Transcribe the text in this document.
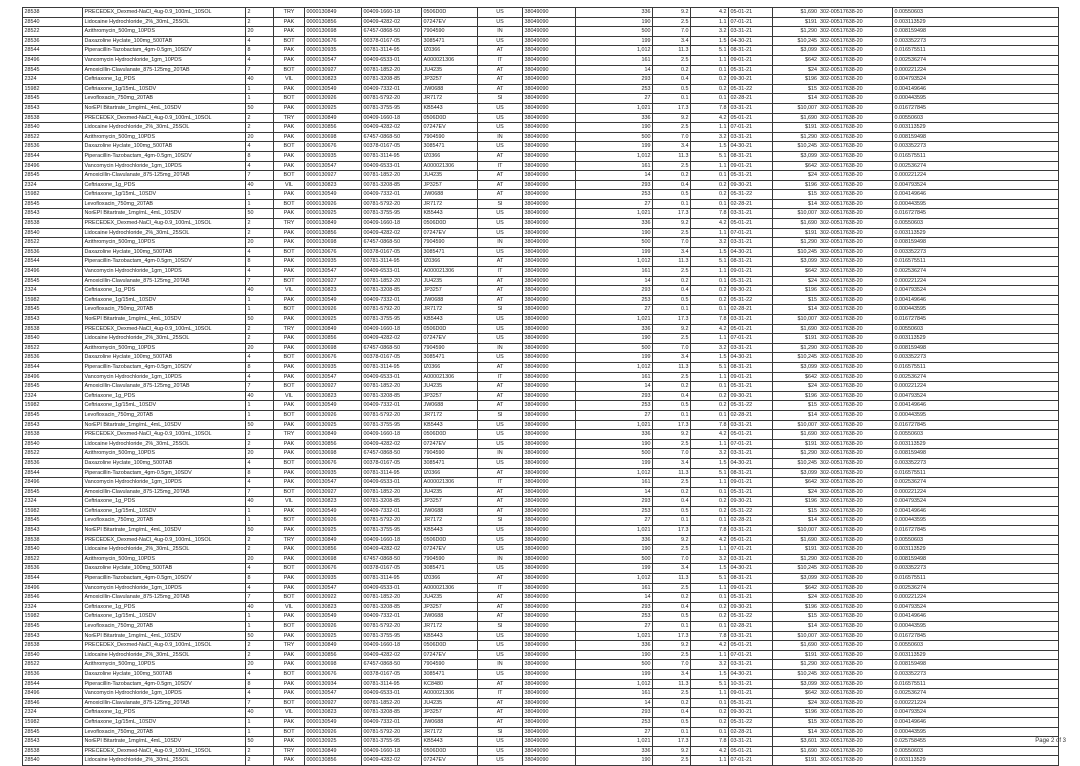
28538	PRECEDEX_Dexmed-NaCl_4ug-0.9_100mL_10SOL	2	TRY	0000130849	00409-1660-18	0506D0D	US	38049090	336	9.2	4.2	05-01-21	$1,690	302-00517638-20	0.00550603
28540	Lidocaine Hydrochloride_2%_30mL_25SOL	2	PAK	0000130856	00409-4282-02	07247EV	US	38049090	190	2.5	1.1	07-01-21	$191	302-00517638-20	0.003113529
28522	Azithromycin_500mg_10PDS	20	PAK	0000130698	67457-0868-50	7904590	IN	38049090	500	7.0	3.2	03-31-21	$1,290	302-00517638-20	0.008159498
28536	Daxazoline Hyclate_100mg_500TAB	4	BOT	0000130676	00378-0167-05	3085471	US	38049090	199	3.4	1.5	04-30-21	$10,245	302-00517638-20	0.003352273
28544	Piperacillin-Tazobactam_4gm-0.5gm_10SDV	8	PAK	0000130935	00781-3114-95	IZ0366	AT	38049090	1,012	11.3	5.1	08-31-21	$3,099	302-00517638-20	0.016575511
28496	Vancomycin Hydrochloride_1gm_10PDS	4	PAK	0000130547	00409-6533-01	A000021306	IT	38049090	161	2.5	1.1	09-01-21	$642	302-00517638-20	0.002536274
28545	Amoxicillin-Clavulanate_875-125mg_20TAB	7	BOT	0000130927	00781-1852-20	JU4235	AT	38049090	14	0.2	0.1	05-31-21	$24	302-00517638-20	0.000221224
2324	Ceftriaxone_1g_PDS	40	VIL	0000130823	00781-3208-85	JP3257	AT	38049090	293	0.4	0.2	09-30-21	$196	302-00517638-20	0.004793524
15982	Ceftriaxone_1g/15mL_10SDV	1	PAK	0000130549	00409-7332-01	JW0688	AT	38049090	253	0.5	0.2	05-31-22	$15	302-00517638-20	0.004149646
28545	Levofloxacin_750mg_20TAB	1	BOT	0000130926	00781-5792-20	JR7172	SI	38049090	27	0.1	0.1	02-28-21	$14	302-00517638-20	0.000443595
28543	NorEPI Bitartrate_1mg/mL_4mL_10SDV	50	PAK	0000130925	00781-3755-95	KB5443	US	38049090	1,021	17.3	7.8	03-31-21	$10,007	302-00517638-20	0.016727845
28538	PRECEDEX_Dexmed-NaCl_4ug-0.9_100mL_10SOL	2	TRY	0000130849	00409-1660-18	0506D0D	US	38049090	336	9.2	4.2	05-01-21	$1,690	302-00517638-20	0.00550603
28540	Lidocaine Hydrochloride_2%_30mL_25SOL	2	PAK	0000130856	00409-4282-02	07247EV	US	38049090	190	2.5	1.1	07-01-21	$191	302-00517638-20	0.003113529
28522	Azithromycin_500mg_10PDS	20	PAK	0000130698	67457-0868-50	7904590	IN	38049090	500	7.0	3.2	03-31-21	$1,290	302-00517638-20	0.008159498
28536	Daxazoline Hyclate_100mg_500TAB	4	BOT	0000130676	00378-0167-05	3085471	US	38049090	199	3.4	1.5	04-30-21	$10,245	302-00517638-20	0.003352273
28544	Piperacillin-Tazobactam_4gm-0.5gm_10SDV	8	PAK	0000130935	00781-3114-95	IZ0366	AT	38049090	1,012	11.3	5.1	08-31-21	$3,099	302-00517638-20	0.016575511
28496	Vancomycin Hydrochloride_1gm_10PDS	4	PAK	0000130547	00409-6533-01	A000021306	IT	38049090	161	2.5	1.1	09-01-21	$642	302-00517638-20	0.002536274
28545	Amoxicillin-Clavulanate_875-125mg_20TAB	7	BOT	0000130927	00781-1852-20	JU4235	AT	38049090	14	0.2	0.1	05-31-21	$24	302-00517638-20	0.000221224
2324	Ceftriaxone_1g_PDS	40	VIL	0000130823	00781-3208-85	JP3257	AT	38049090	293	0.4	0.2	09-30-21	$196	302-00517638-20	0.004793524
15982	Ceftriaxone_1g/15mL_10SDV	1	PAK	0000130549	00409-7332-01	JW0688	AT	38049090	253	0.5	0.2	05-31-22	$15	302-00517638-20	0.004149646
28545	Levofloxacin_750mg_20TAB	1	BOT	0000130926	00781-5792-20	JR7172	SI	38049090	27	0.1	0.1	02-28-21	$14	302-00517638-20	0.000443595
28543	NorEPI Bitartrate_1mg/mL_4mL_10SDV	50	PAK	0000130925	00781-3755-95	KB5443	US	38049090	1,021	17.3	7.8	03-31-21	$10,007	302-00517638-20	0.016727845
28538	PRECEDEX_Dexmed-NaCl_4ug-0.9_100mL_10SOL	2	TRY	0000130849	00409-1660-18	0506D0D	US	38049090	336	9.2	4.2	05-01-21	$1,690	302-00517638-20	0.00550603
28540	Lidocaine Hydrochloride_2%_30mL_25SOL	2	PAK	0000130856	00409-4282-02	07247EV	US	38049090	190	2.5	1.1	07-01-21	$191	302-00517638-20	0.003113529
28522	Azithromycin_500mg_10PDS	20	PAK	0000130698	67457-0868-50	7904590	IN	38049090	500	7.0	3.2	03-31-21	$1,290	302-00517638-20	0.008159498
28536	Daxazoline Hyclate_100mg_500TAB	4	BOT	0000130676	00378-0167-05	3085471	US	38049090	199	3.4	1.5	04-30-21	$10,245	302-00517638-20	0.003352273
28544	Piperacillin-Tazobactam_4gm-0.5gm_10SDV	8	PAK	0000130935	00781-3114-95	IZ0366	AT	38049090	1,012	11.3	5.1	08-31-21	$3,099	302-00517638-20	0.016575511
28496	Vancomycin Hydrochloride_1gm_10PDS	4	PAK	0000130547	00409-6533-01	A000021306	IT	38049090	161	2.5	1.1	09-01-21	$642	302-00517638-20	0.002536274
28545	Amoxicillin-Clavulanate_875-125mg_20TAB	7	BOT	0000130927	00781-1852-20	JU4235	AT	38049090	14	0.2	0.1	05-31-21	$24	302-00517638-20	0.000221224
2324	Ceftriaxone_1g_PDS	40	VIL	0000130823	00781-3208-85	JP3257	AT	38049090	293	0.4	0.2	09-30-21	$196	302-00517638-20	0.004793524
15982	Ceftriaxone_1g/15mL_10SDV	1	PAK	0000130549	00409-7332-01	JW0688	AT	38049090	253	0.5	0.2	05-31-22	$15	302-00517638-20	0.004149646
28545	Levofloxacin_750mg_20TAB	1	BOT	0000130926	00781-5792-20	JR7172	SI	38049090	27	0.1	0.1	02-28-21	$14	302-00517638-20	0.000443595
28543	NorEPI Bitartrate_1mg/mL_4mL_10SDV	50	PAK	0000130925	00781-3755-95	KB5443	US	38049090	1,021	17.3	7.8	03-31-21	$10,007	302-00517638-20	0.016727845
28538	PRECEDEX_Dexmed-NaCl_4ug-0.9_100mL_10SOL	2	TRY	0000130849	00409-1660-18	0506D0D	US	38049090	336	9.2	4.2	05-01-21	$1,690	302-00517638-20	0.00550603
28540	Lidocaine Hydrochloride_2%_30mL_25SOL	2	PAK	0000130856	00409-4282-02	07247EV	US	38049090	190	2.5	1.1	07-01-21	$191	302-00517638-20	0.003113529
28522	Azithromycin_500mg_10PDS	20	PAK	0000130698	67457-0868-50	7904590	IN	38049090	500	7.0	3.2	03-31-21	$1,290	302-00517638-20	0.008159498
28536	Daxazoline Hyclate_100mg_500TAB	4	BOT	0000130676	00378-0167-05	3085471	US	38049090	199	3.4	1.5	04-30-21	$10,245	302-00517638-20	0.003352273
28544	Piperacillin-Tazobactam_4gm-0.5gm_10SDV	8	PAK	0000130935	00781-3114-95	IZ0366	AT	38049090	1,012	11.3	5.1	08-31-21	$3,099	302-00517638-20	0.016575511
28496	Vancomycin Hydrochloride_1gm_10PDS	4	PAK	0000130547	00409-6533-01	A000021306	IT	38049090	161	2.5	1.1	09-01-21	$642	302-00517638-20	0.002536274
28545	Amoxicillin-Clavulanate_875-125mg_20TAB	7	BOT	0000130927	00781-1852-20	JU4235	AT	38049090	14	0.2	0.1	05-31-21	$24	302-00517638-20	0.000221224
2324	Ceftriaxone_1g_PDS	40	VIL	0000130823	00781-3208-85	JP3257	AT	38049090	293	0.4	0.2	09-30-21	$196	302-00517638-20	0.004793524
15982	Ceftriaxone_1g/15mL_10SDV	1	PAK	0000130549	00409-7332-01	JW0688	AT	38049090	253	0.5	0.2	05-31-22	$15	302-00517638-20	0.004149646
28545	Levofloxacin_750mg_20TAB	1	BOT	0000130926	00781-5792-20	JR7172	SI	38049090	27	0.1	0.1	02-28-21	$14	302-00517638-20	0.000443595
28543	NorEPI Bitartrate_1mg/mL_4mL_10SDV	50	PAK	0000130925	00781-3755-95	KB5443	US	38049090	1,021	17.3	7.8	03-31-21	$10,007	302-00517638-20	0.016727845
28538	PRECEDEX_Dexmed-NaCl_4ug-0.9_100mL_10SOL	2	TRY	0000130849	00409-1660-18	0506D0D	US	38049090	336	9.2	4.2	05-01-21	$1,690	302-00517638-20	0.00550603
28540	Lidocaine Hydrochloride_2%_30mL_25SOL	2	PAK	0000130856	00409-4282-02	07247EV	US	38049090	190	2.5	1.1	07-01-21	$191	302-00517638-20	0.003113529
28522	Azithromycin_500mg_10PDS	20	PAK	0000130698	67457-0868-50	7904590	IN	38049090	500	7.0	3.2	03-31-21	$1,290	302-00517638-20	0.008159498
28536	Daxazoline Hyclate_100mg_500TAB	4	BOT	0000130676	00378-0167-05	3085471	US	38049090	199	3.4	1.5	04-30-21	$10,245	302-00517638-20	0.003352273
28544	Piperacillin-Tazobactam_4gm-0.5gm_10SDV	8	PAK	0000130935	00781-3114-95	IZ0366	AT	38049090	1,012	11.3	5.1	08-31-21	$3,099	302-00517638-20	0.016575511
28496	Vancomycin Hydrochloride_1gm_10PDS	4	PAK	0000130547	00409-6533-01	A000021306	IT	38049090	161	2.5	1.1	09-01-21	$642	302-00517638-20	0.002536274
28545	Amoxicillin-Clavulanate_875-125mg_20TAB	7	BOT	0000130927	00781-1852-20	JU4235	AT	38049090	14	0.2	0.1	05-31-21	$24	302-00517638-20	0.000221224
2324	Ceftriaxone_1g_PDS	40	VIL	0000130823	00781-3208-85	JP3257	AT	38049090	293	0.4	0.2	09-30-21	$196	302-00517638-20	0.004793524
15982	Ceftriaxone_1g/15mL_10SDV	1	PAK	0000130549	00409-7332-01	JW0688	AT	38049090	253	0.5	0.2	05-31-22	$15	302-00517638-20	0.004149646
28545	Levofloxacin_750mg_20TAB	1	BOT	0000130926	00781-5792-20	JR7172	SI	38049090	27	0.1	0.1	02-28-21	$14	302-00517638-20	0.000443595
28543	NorEPI Bitartrate_1mg/mL_4mL_10SDV	50	PAK	0000130925	00781-3755-95	KB5443	US	38049090	1,021	17.3	7.8	03-31-21	$10,007	302-00517638-20	0.016727845
28538	PRECEDEX_Dexmed-NaCl_4ug-0.9_100mL_10SOL	2	TRY	0000130849	00409-1660-18	0506D0D	US	38049090	336	9.2	4.2	05-01-21	$1,690	302-00517638-20	0.00550603
28540	Lidocaine Hydrochloride_2%_30mL_25SOL	2	PAK	0000130856	00409-4282-02	07247EV	US	38049090	190	2.5	1.1	07-01-21	$191	302-00517638-20	0.003113529
28522	Azithromycin_500mg_10PDS	20	PAK	0000130698	67457-0868-50	7904590	IN	38049090	500	7.0	3.2	03-31-21	$1,290	302-00517638-20	0.008159498
28536	Daxazoline Hyclate_100mg_500TAB	4	BOT	0000130676	00378-0167-05	3085471	US	38049090	199	3.4	1.5	04-30-21	$10,245	302-00517638-20	0.003352273
28544	Piperacillin-Tazobactam_4gm-0.5gm_10SDV	8	PAK	0000130935	00781-3114-95	IZ0366	AT	38049090	1,012	11.3	5.1	08-31-21	$3,099	302-00517638-20	0.016575511
28496	Vancomycin Hydrochloride_1gm_10PDS	4	PAK	0000130547	00409-6533-01	A000021306	IT	38049090	161	2.5	1.1	09-01-21	$642	302-00517638-20	0.002536274
28546	Amoxicillin-Clavulanate_875-125mg_20TAB	7	BOT	0000130922	00781-1852-20	JU4235	AT	38049090	14	0.2	0.1	05-31-21	$24	302-00517638-20	0.000221224
2324	Ceftriaxone_1g_PDS	40	VIL	0000130823	00781-3208-85	JP3257	AT	38049090	293	0.4	0.2	09-30-21	$196	302-00517638-20	0.004793524
15982	Ceftriaxone_1g/15mL_10SDV	1	PAK	0000130549	00409-7332-01	JW0688	AT	38049090	253	0.5	0.2	05-31-22	$15	302-00517638-20	0.004149646
28545	Levofloxacin_750mg_20TAB	1	BOT	0000130926	00781-5792-20	JR7172	SI	38049090	27	0.1	0.1	02-28-21	$14	302-00517638-20	0.000443595
28543	NorEPI Bitartrate_1mg/mL_4mL_10SDV	50	PAK	0000130925	00781-3755-95	KB5443	US	38049090	1,021	17.3	7.8	03-31-21	$10,007	302-00517638-20	0.016727845
28538	PRECEDEX_Dexmed-NaCl_4ug-0.9_100mL_10SOL	2	TRY	0000130849	00409-1660-18	0506D0D	US	38049090	336	9.2	4.2	05-01-21	$1,690	302-00517638-20	0.00550603
28540	Lidocaine Hydrochloride_2%_30mL_25SOL	2	PAK	0000130856	00409-4282-02	07247EV	US	38049090	190	2.5	1.1	07-01-21	$191	302-00517638-20	0.003113529
28522	Azithromycin_500mg_10PDS	20	PAK	0000130698	67457-0868-50	7904590	IN	38049090	500	7.0	3.2	03-31-21	$1,290	302-00517638-20	0.008159498
28536	Daxazoline Hyclate_100mg_500TAB	4	BOT	0000130676	00378-0167-05	3085471	US	38049090	199	3.4	1.5	04-30-21	$10,245	302-00517638-20	0.003352273
28544	Piperacillin-Tazobactam_4gm-0.5gm_10SDV	8	PAK	0000130934	00781-3114-95	KC8480	AT	38049090	1,012	11.3	5.1	10-31-21	$3,099	302-00517638-20	0.016575511
28496	Vancomycin Hydrochloride_1gm_10PDS	4	PAK	0000130547	00409-6533-01	A000021306	IT	38049090	161	2.5	1.1	09-01-21	$642	302-00517638-20	0.002536274
28546	Amoxicillin-Clavulanate_875-125mg_20TAB	7	BOT	0000130927	00781-1852-20	JU4235	AT	38049090	14	0.2	0.1	05-31-21	$24	302-00517638-20	0.000221224
2324	Ceftriaxone_1g_PDS	40	VIL	0000130823	00781-3208-85	JP3257	AT	38049090	293	0.4	0.2	09-30-21	$196	302-00517638-20	0.004793524
15982	Ceftriaxone_1g/15mL_10SDV	1	PAK	0000130549	00409-7332-01	JW0688	AT	38049090	253	0.5	0.2	05-31-22	$15	302-00517638-20	0.004149646
28545	Levofloxacin_750mg_20TAB	1	BOT	0000130926	00781-5792-20	JR7172	SI	38049090	27	0.1	0.1	02-28-21	$14	302-00517638-20	0.000443595
28543	NorEPI Bitartrate_1mg/mL_4mL_10SDV	50	PAK	0000130925	00781-3755-95	KB5443	US	38049090	1,021	17.3	7.8	03-31-21	$3,601	302-00517638-20	0.025758455
28538	PRECEDEX_Dexmed-NaCl_4ug-0.9_100mL_10SOL	2	TRY	0000130849	00409-1660-18	0506D0D	US	38049090	336	9.2	4.2	05-01-21	$1,690	302-00517638-20	0.00550603
28540	Lidocaine Hydrochloride_2%_30mL_25SOL	2	PAK	0000130856	00409-4282-02	07247EV	US	38049090	190	2.5	1.1	07-01-21	$191	302-00517638-20	0.003113529
Page 2 of 3
